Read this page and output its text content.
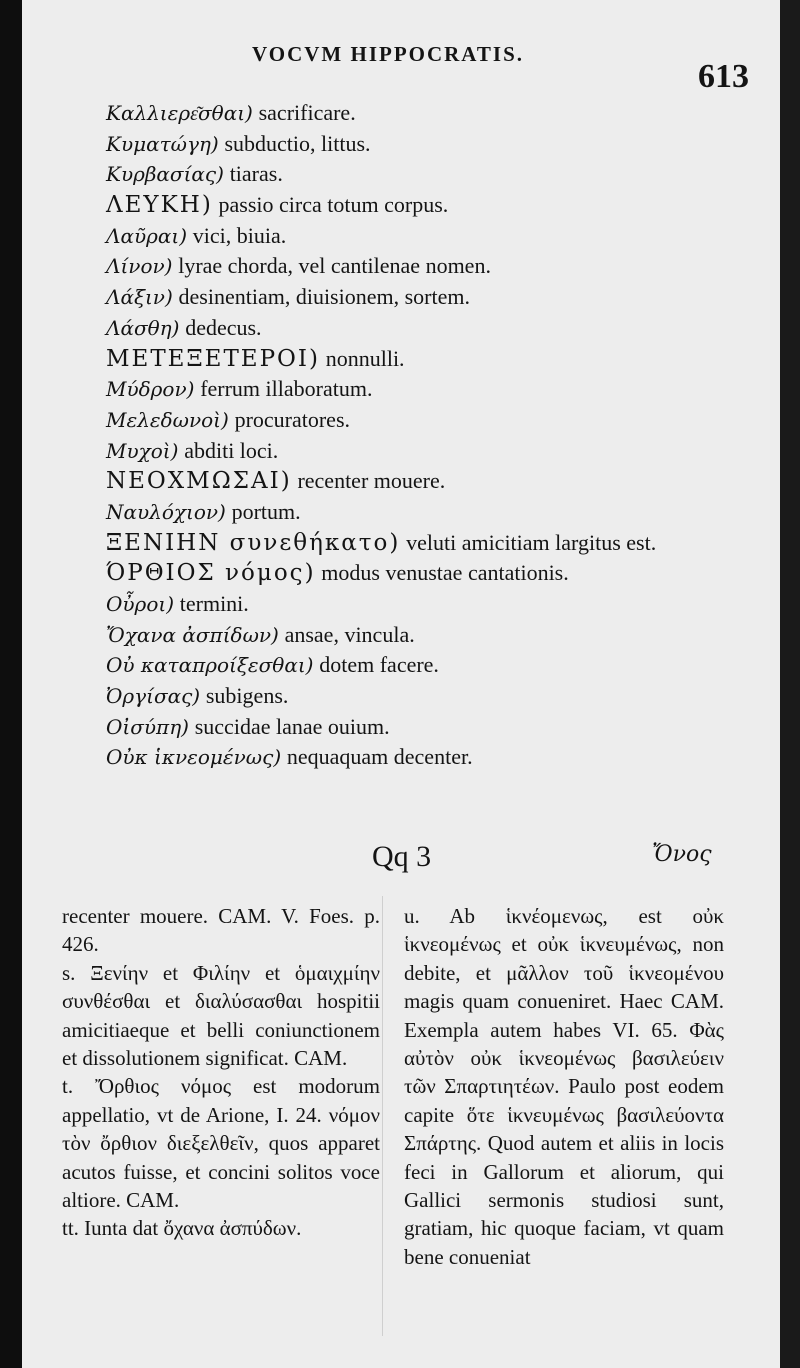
VOCVM HIPPOCRATIS.
613
Καλλιερε͂σθαι) sacrificare.
Κυματώγη) subductio, littus.
Κυρβασίας) tiaras.
ΛΕΥΚΗ) passio circa totum corpus.
Λαῦραι) vici, biuia.
Λίνον) lyrae chorda, vel cantilenae nomen.
Λάξιν) desinentiam, diuisionem, sortem.
Λάσθη) dedecus.
ΜΕΤΕΞΕΤΕΡΟΙ) nonnulli.
Μύδρον) ferrum illaboratum.
Μελεδωνοὶ) procuratores.
Μυχοὶ) abditi loci.
ΝΕΟΧΜΩΣΑΙ) recenter mouere.
Ναυλόχιον) portum.
ΞΕΝΙΗΝ συνεθήκατο) veluti amicitiam largitus est.
ΌΡΘΙΟΣ νόμος) modus venustae cantationis.
Οὖροι) termini.
Ὄχανα ἀσπίδων) ansae, vincula.
Οὐ καταπροίξεσθαι) dotem facere.
Ὀργίσας) subigens.
Οἰσύπη) succidae lanae ouium.
Οὐκ ἱκνεομένως) nequaquam decenter.
Qq 3	Ὄνος

recenter mouere. CAM. V. Foes. p. 426.

s. Ξενίην et Φιλίην et ὁμαιχμίην συνθέσθαι et διαλύσασθαι hospitii amicitiaeque et belli coniunctionem et dissolutionem significat. CAM.

t. Ὄρθιος νόμος est modorum appellatio, vt de Arione, I. 24. νόμον τὸν ὄρθιον διεξελθεῖν, quos apparet acutos fuisse, et concini solitos voce altiore. CAM.

tt. Iunta dat ὄχανα ἀσπύδων.

u. Ab ἱκνέομενως, est οὐκ ἱκνεομένως et οὐκ ἱκνευμένως, non debite, et μᾶλλον τοῦ ἱκνεομένου magis quam conueniret. Haec CAM. Exempla autem habes VI. 65. Φὰς αὐτὸν οὐκ ἱκνεομένως βασιλεύειν τῶν Σπαρτιητέων. Paulo post eodem capite ὅτε ἱκνευμένως βασιλεύοντα Σπάρτης. Quod autem et aliis in locis feci in Gallorum et aliorum, qui Gallici sermonis studiosi sunt, gratiam, hic quoque faciam, vt quam bene conueniat
